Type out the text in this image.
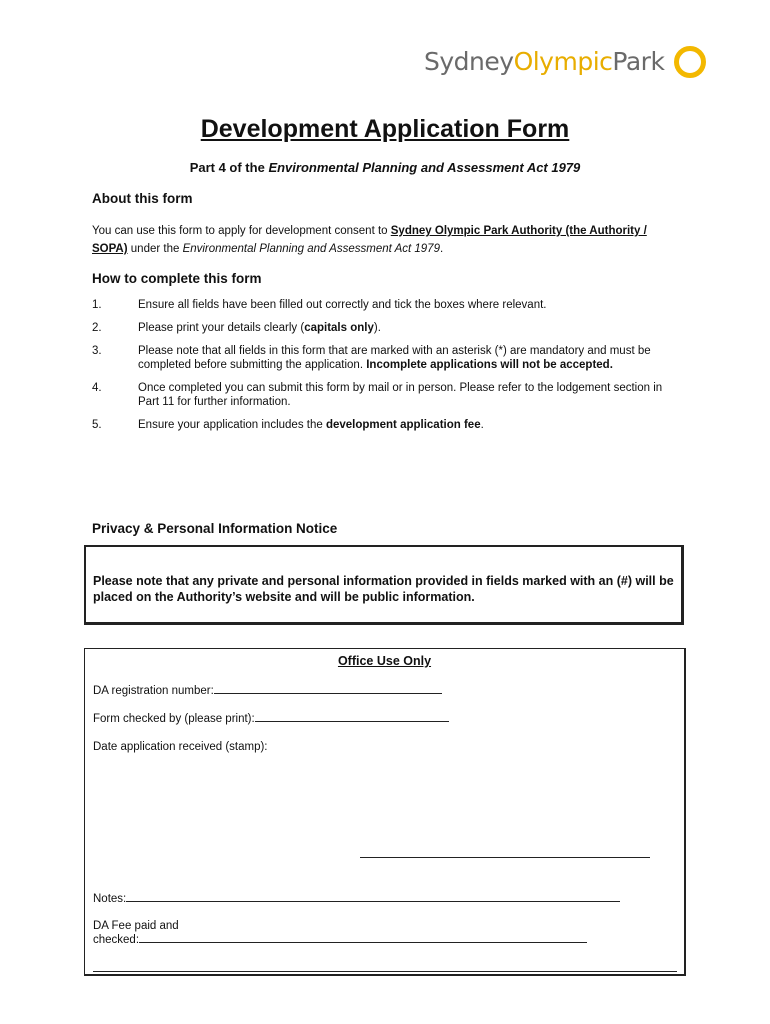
SydneyOlympicPark
Development Application Form
Part 4 of the Environmental Planning and Assessment Act 1979
About this form
You can use this form to apply for development consent to Sydney Olympic Park Authority (the Authority / SOPA) under the Environmental Planning and Assessment Act 1979.
How to complete this form
1.	Ensure all fields have been filled out correctly and tick the boxes where relevant.
2.	Please print your details clearly (capitals only).
3.	Please note that all fields in this form that are marked with an asterisk (*) are mandatory and must be completed before submitting the application. Incomplete applications will not be accepted.
4.	Once completed you can submit this form by mail or in person. Please refer to the lodgement section in Part 11 for further information.
5.	Ensure your application includes the development application fee.
Privacy & Personal Information Notice
Please note that any private and personal information provided in fields marked with an (#) will be placed on the Authority’s website and will be public information.
Office Use Only
DA registration number:
Form checked by (please print):
Date application received (stamp):
Notes:
DA Fee paid and
checked:
